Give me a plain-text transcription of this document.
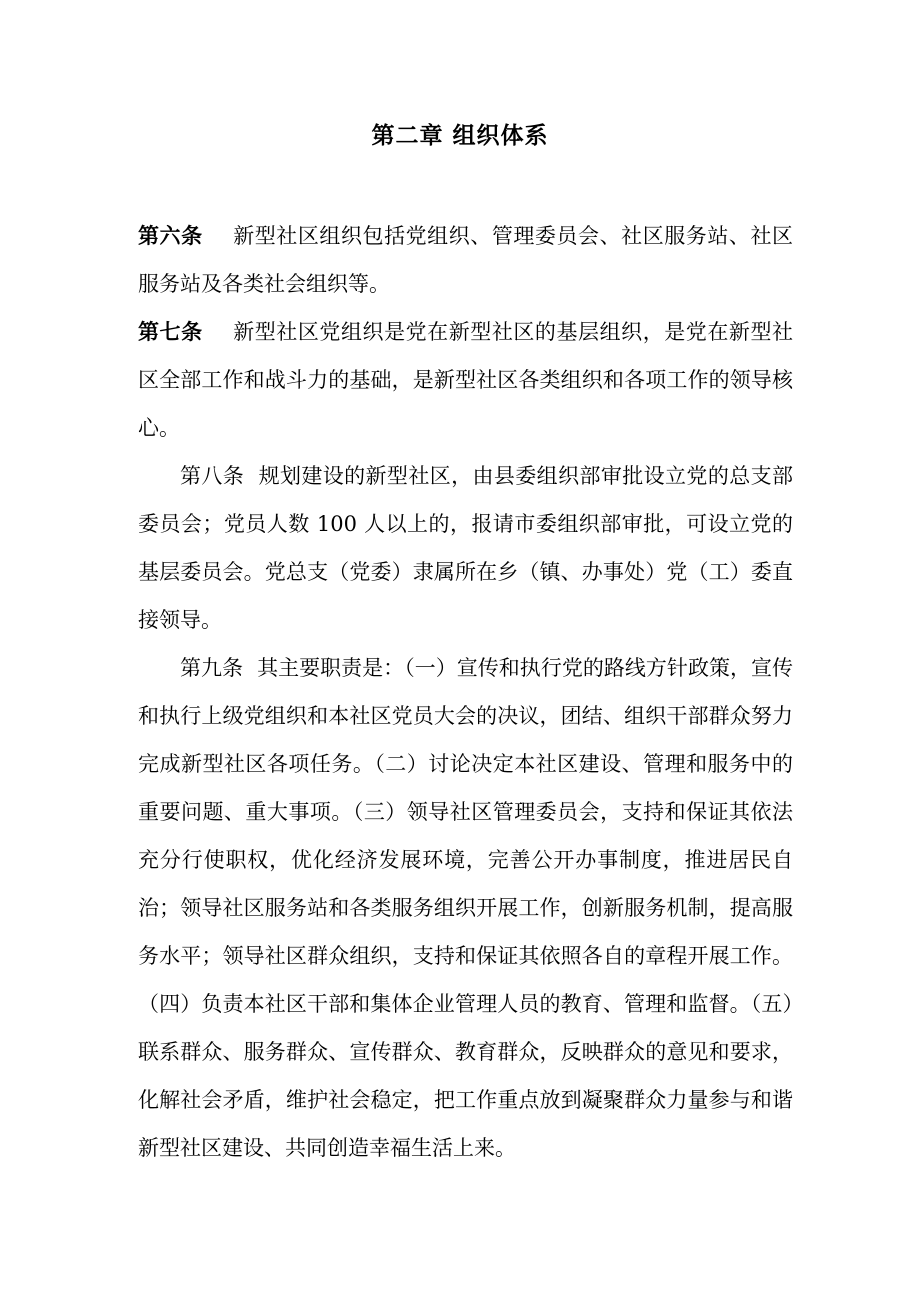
第二章 组织体系

第六条 新型社区组织包括党组织、管理委员会、社区服务站、社区服务站及各类社会组织等。

第七条 新型社区党组织是党在新型社区的基层组织，是党在新型社区全部工作和战斗力的基础，是新型社区各类组织和各项工作的领导核心。

第八条 规划建设的新型社区，由县委组织部审批设立党的总支部委员会；党员人数 100 人以上的，报请市委组织部审批，可设立党的基层委员会。党总支（党委）隶属所在乡（镇、办事处）党（工）委直接领导。

第九条 其主要职责是：（一）宣传和执行党的路线方针政策，宣传和执行上级党组织和本社区党员大会的决议，团结、组织干部群众努力完成新型社区各项任务。（二）讨论决定本社区建设、管理和服务中的重要问题、重大事项。（三）领导社区管理委员会，支持和保证其依法充分行使职权，优化经济发展环境，完善公开办事制度，推进居民自治；领导社区服务站和各类服务组织开展工作，创新服务机制，提高服务水平；领导社区群众组织，支持和保证其依照各自的章程开展工作。（四）负责本社区干部和集体企业管理人员的教育、管理和监督。（五）联系群众、服务群众、宣传群众、教育群众，反映群众的意见和要求，化解社会矛盾，维护社会稳定，把工作重点放到凝聚群众力量参与和谐新型社区建设、共同创造幸福生活上来。
